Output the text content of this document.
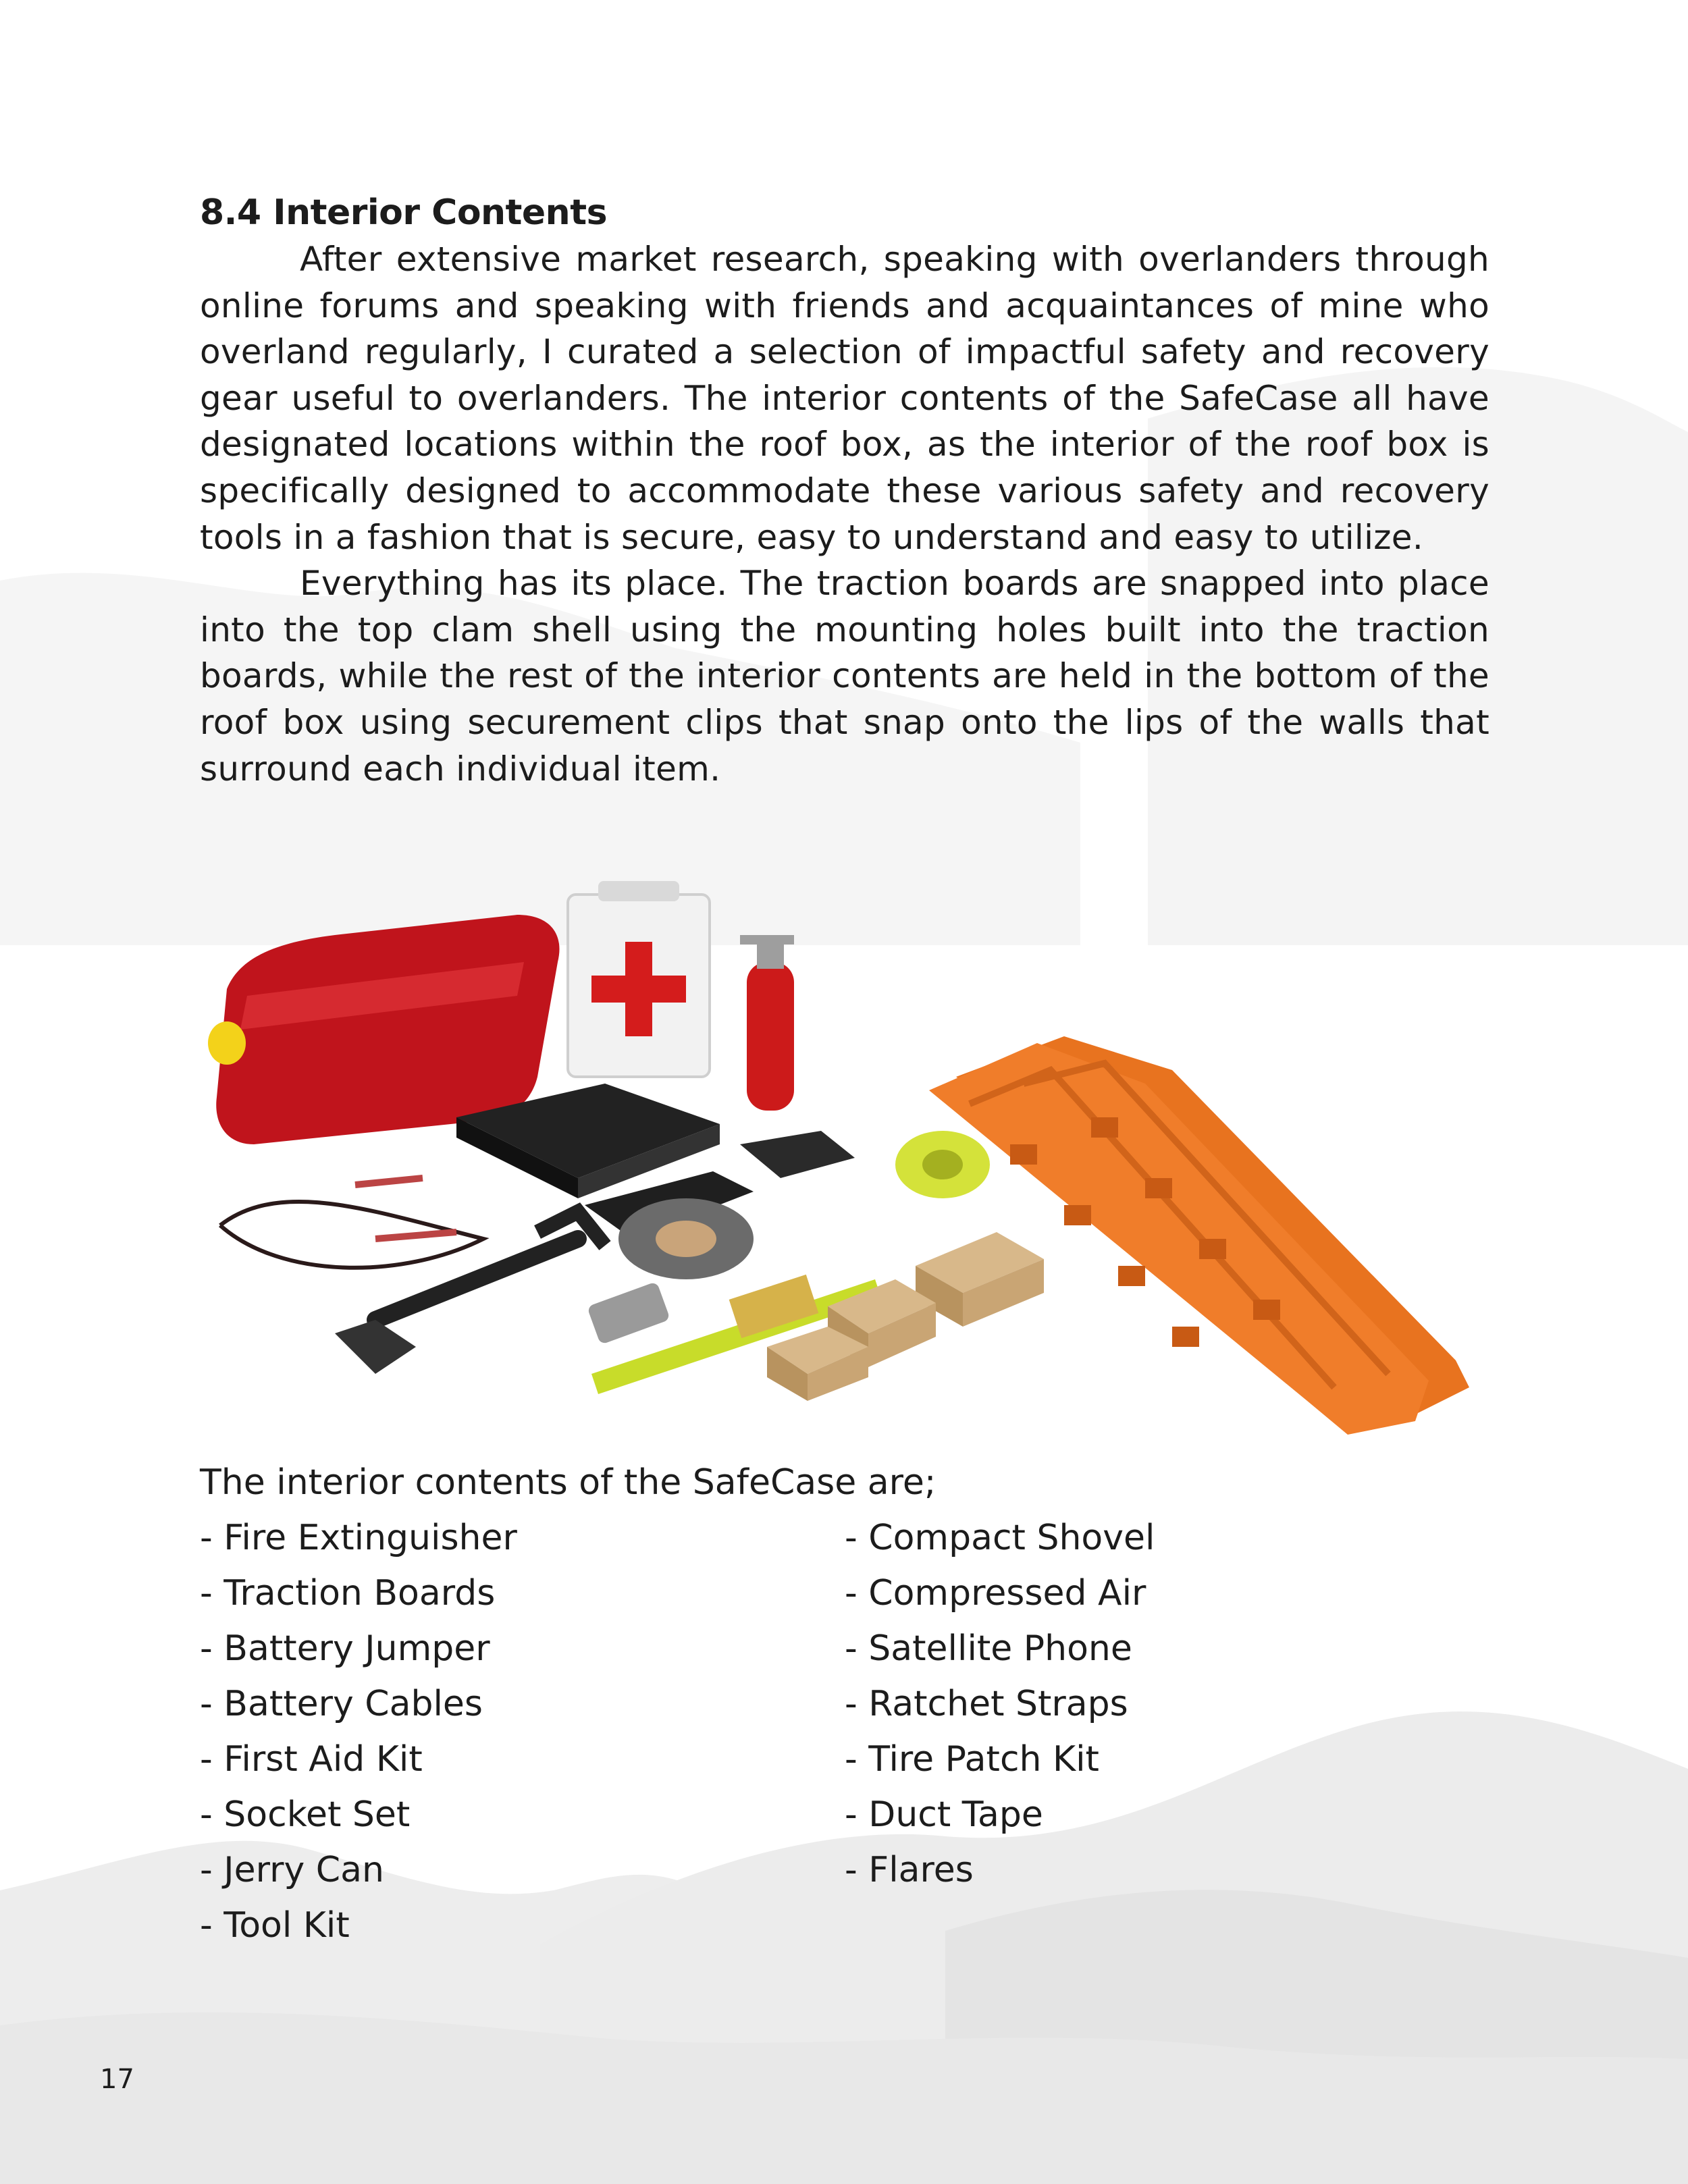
8.4 Interior Contents

After extensive market research, speaking with overlanders through online forums and speaking with friends and acquaintances of mine who overland regularly, I curated a selection of impactful safety and recovery gear useful to overlanders. The interior contents of the SafeCase all have designated locations within the roof box, as the interior of the roof box is specifically designed to accommodate these various safety and recovery tools in a fashion that is secure, easy to understand and easy to utilize.

Everything has its place. The traction boards are snapped into place into the top clam shell using the mounting holes built into the traction boards, while the rest of the interior contents are held in the bottom of the roof box using securement clips that snap onto the lips of the walls that surround each individual item.

The interior contents of the SafeCase are;

- Fire Extinguisher
- Traction Boards
- Battery Jumper
- Battery Cables
- First Aid Kit
- Socket Set
- Jerry Can
- Tool Kit
- Compact Shovel
- Compressed Air
- Satellite Phone
- Ratchet Straps
- Tire Patch Kit
- Duct Tape
- Flares
17
